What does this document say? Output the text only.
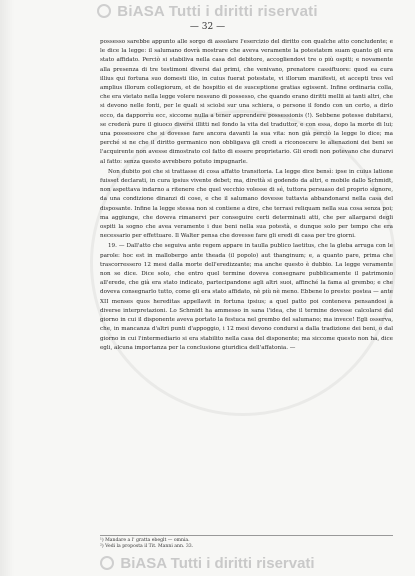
BiASA Tutti i diritti riservati
— 32 —

possesso sarebbe appunto alle sorgo di assolare l'esercizio del diritto con qualche atto concludente; e le dice la legge: il salumano dovrà mostrare che aveva veramente la potestatem suam quanto gli era stato affidato. Perciò si stabiliva nella casa del debitore, accogliendovi tre o più ospiti; e novamente alla presenza di tre testimoni diversi dai primi, che venivano, prenatore cassiftuore: quod ea cura illius qui fortuna suo domesti ilio, in cuius fuerat potestate, vi illorum manifesti, et accepti tres vel amplius illorum collegiorum, et de hospitio ei de susceptione gratias egissent. Infine ordinaria colla, che era vietato nella legge volere nessuno di possesso, che quando erano diritti mellii ai tanti altri, che si devono nelle fonti, per le quali si sciolsi sur una schiera, o persone il fondo con un certo, a dirlo ecco, da dapporrìu ecc, siccome nulla a tener apprendere possessionis (!). Sebbene potesse dubitarsi, se crederà pure il giuoco diversi illitti nel fondo la vita del traduttor, e con essa, dopo la morte di lui; una possessore che si dovesse fare ancora davanti la sua vita: non già perciò la legge lo dice; ma perché si ne che il diritto germanico non obbligava gli credi a riconoscere le alienazioni dei beni se l'acquirente non avesse dimostrato col fatto di essere proprietario. Gli eredi non potevano che durarvi al fatto: senza questo avrebbero potuto impugnarle.

Non dubito poi che si trattasse di cosa affatto transitoria. La legge dice bensì: ipse in cuius latione fuisset declarati, in cura ipsius vivente debet; ma, direttà si godendo da altri, e mobile dallo Schmidt, non aspettava indarno a ritenere che quel vecchio volesse di sé, tuttora persuaso del proprio signore, da una condizione dinanzi di cose, e che il salumano dovesse tuttavia abbandonarsi nella casa del disposante. Infine la legge stessa non si contiene a dire, che terrasi reliquam nella sua cosa senza poi; ma aggiunge, che doveva rimanervi per conseguire certi determinati atti, che per allargarsi degli ospiti la sogno che avea veramente i due beni nella sua potestà, e dunque solo per tempo che era necessario per effettuare. Il Walter pensa che dovesse fare gli eredi di casa per tre giorni.

19. — Dall'atto che seguiva ante regem appare in taulla publico laetitus, che la gleba arruga con le parole: hoc est in mallobergo ante theada (il popolo) aut thanginum; e, a quanto pare, prima che trascorressero 12 mesi dalla morte dell'eredizzante; ma anche questo è dubbio. La legge veramente non se dice. Dice solo, che entro quel termine doveva consegnare pubblicamente il patrimonio all'erede, che già era stato indicato, partecipandone agli altri suoi, affinché la fama al grembo; e che doveva consegnarlo tutto, come gli era stato affidato, nè più nè meno. Ebbene lo presto: postea — ante XII menses quos hereditas appellavit in fortuna ipsius; a quel patto poi conteneva pensandosi a diverse interpretazioni. Lo Schmidt ha ammesso in sana l'idea, che il termine dovesse calcolarsi dal giorno in cui il disponente aveva portato la festuca nel grembo del salumano; ma invece! Egli osserva, che, in mancanza d'altri punti d'appoggio, i 12 mesi devono condursi a dalla tradizione dei beni, o dal giorno in cui l'intermediario si era stabilito nella casa del disponente; ma siccome questo non ha, dice egli, alcuna importanza per la conclusione giuridica dell'affatonia. —

¹) Mandare a l' gratta ebeglt — omnia.
²) Vedi la proposta il Tit. Manni ann. 33.
BiASA Tutti i diritti riservati
